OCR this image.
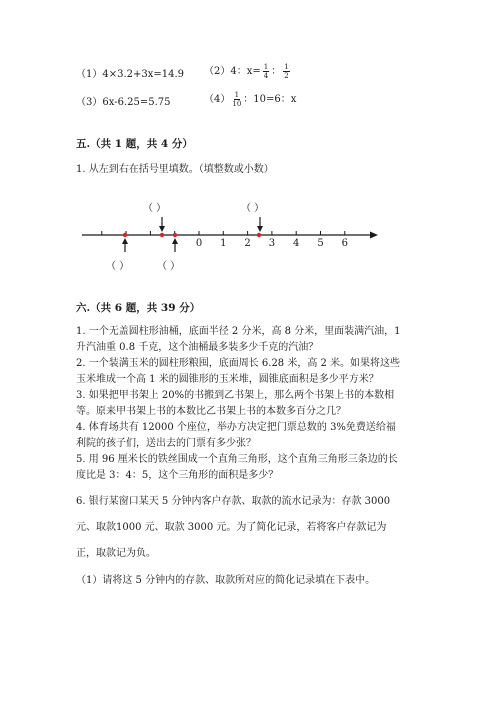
（1）4×3.2+3x=14.9 （2）4：$x= \frac{1}{4}$ ： $\frac{1}{2}$
（3）6x-6.25=5.75	$(4) \frac{1}{10}$ ：10=6：x
五.（共 1 题，共 4 分）
1. 从左到右在括号里填数。（填整数或小数）
0 1 2 3 4 5 6
（ ）	（ ）
（ ）	（ ）
六.（共 6 题，共 39 分）

1. 一个无盖圆柱形油桶，底面半径 2 分米，高 8 分米，里面装满汽油，1 升汽油重 0.8 千克，这个油桶最多装多少千克的汽油？

2. 一个装满玉米的圆柱形粮囤，底面周长 6.28 米，高 2 米。如果将这些玉米堆成一个高 1 米的圆锥形的玉米堆，圆锥底面积是多少平方米？

3. 如果把甲书架上 20%的书搬到乙书架上，那么两个书架上书的本数相等。原来甲书架上书的本数比乙书架上书的本数多百分之几？

4. 体育场共有 12000 个座位，举办方决定把门票总数的 3%免费送给福利院的孩子们，送出去的门票有多少张？

5. 用 96 厘米长的铁丝围成一个直角三角形，这个直角三角形三条边的长度比是 3：4：5，这个三角形的面积是多少？

6. 银行某窗口某天 5 分钟内客户存款、取款的流水记录为：存款 3000 元、取款1000 元、取款 3000 元。为了简化记录，若将客户存款记为正，取款记为负。
（1）请将这 5 分钟内的存款、取款所对应的简化记录填在下表中。
